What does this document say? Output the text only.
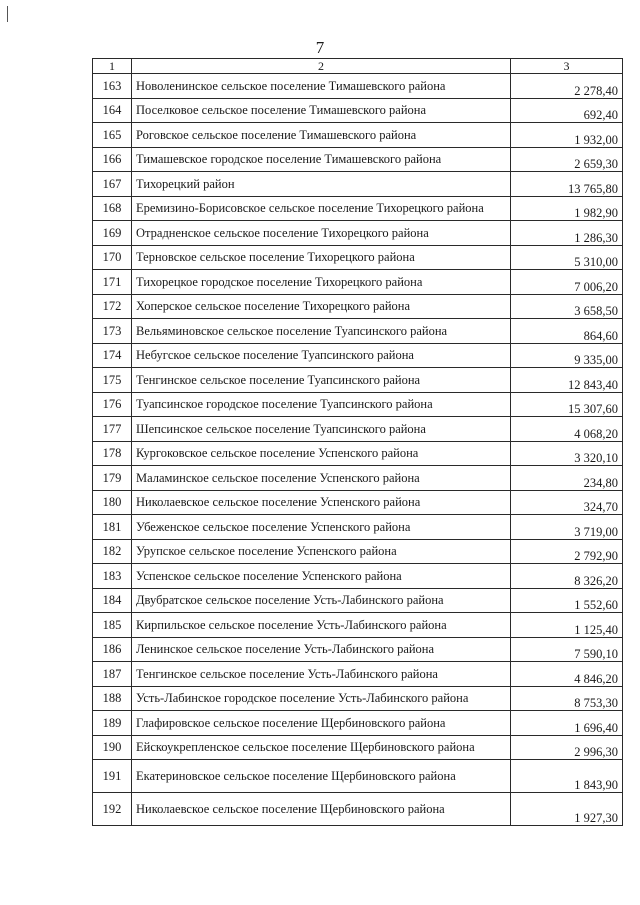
7
1	2	3
163	Новоленинское сельское поселение Тимашевского района	2 278,40
164	Поселковое сельское поселение Тимашевского района	692,40
165	Роговское сельское поселение Тимашевского района	1 932,00
166	Тимашевское городское поселение Тимашевского района	2 659,30
167	Тихорецкий район	13 765,80
168	Еремизино-Борисовское сельское поселение Тихорецкого района	1 982,90
169	Отрадненское сельское поселение Тихорецкого района	1 286,30
170	Терновское сельское поселение Тихорецкого района	5 310,00
171	Тихорецкое городское поселение Тихорецкого района	7 006,20
172	Хоперское сельское поселение Тихорецкого района	3 658,50
173	Вельяминовское сельское поселение Туапсинского района	864,60
174	Небугское сельское поселение Туапсинского района	9 335,00
175	Тенгинское сельское поселение Туапсинского района	12 843,40
176	Туапсинское городское поселение Туапсинского района	15 307,60
177	Шепсинское сельское поселение Туапсинского района	4 068,20
178	Кургоковское сельское поселение Успенского района	3 320,10
179	Маламинское сельское поселение Успенского района	234,80
180	Николаевское сельское поселение Успенского района	324,70
181	Убеженское сельское поселение Успенского района	3 719,00
182	Урупское сельское поселение Успенского района	2 792,90
183	Успенское сельское поселение Успенского района	8 326,20
184	Двубратское сельское поселение Усть-Лабинского района	1 552,60
185	Кирпильское сельское поселение Усть-Лабинского района	1 125,40
186	Ленинское сельское поселение Усть-Лабинского района	7 590,10
187	Тенгинское сельское поселение Усть-Лабинского района	4 846,20
188	Усть-Лабинское городское поселение Усть-Лабинского района	8 753,30
189	Глафировское сельское поселение Щербиновского района	1 696,40
190	Ейскоукрепленское сельское поселение Щербиновского района	2 996,30
191	Екатериновское сельское поселение Щербиновского района	1 843,90
192	Николаевское сельское поселение Щербиновского района	1 927,30
